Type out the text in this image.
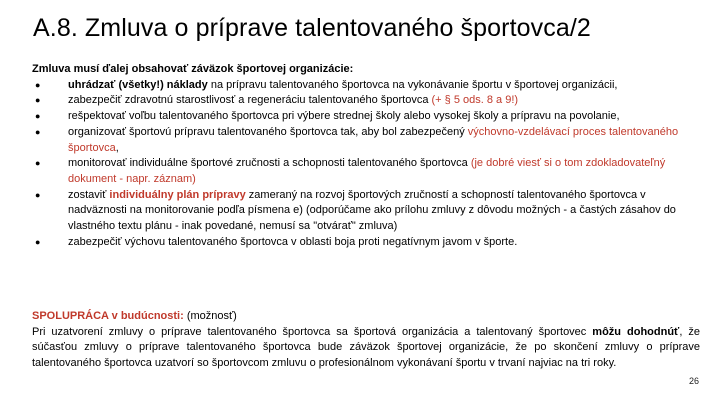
A.8. Zmluva o príprave talentovaného športovca/2
Zmluva musí ďalej obsahovať záväzok športovej organizácie:
●	uhrádzať (všetky!) náklady na prípravu talentovaného športovca na vykonávanie športu v športovej organizácii,
●	zabezpečiť zdravotnú starostlivosť a regeneráciu talentovaného športovca (+ § 5 ods. 8 a 9!)
●	rešpektovať voľbu talentovaného športovca pri výbere strednej školy alebo vysokej školy a prípravu na povolanie,
●	organizovať športovú prípravu talentovaného športovca tak, aby bol zabezpečený výchovno-vzdelávací proces talentovaného športovca,
●	monitorovať individuálne športové zručnosti a schopnosti talentovaného športovca (je dobré viesť si o tom zdokladovateľný dokument - napr. záznam)
●	zostaviť individuálny plán prípravy zameraný na rozvoj športových zručností a schopností talentovaného športovca v nadväznosti na monitorovanie podľa písmena e) (odporúčame ako prílohu zmluvy z dôvodu možných - a častých zásahov do vlastného textu plánu - inak povedané, nemusí sa "otvárať" zmluva)
●	zabezpečiť výchovu talentovaného športovca v oblasti boja proti negatívnym javom v športe.
SPOLUPRÁCA v budúcnosti: (možnosť)
Pri uzatvorení zmluvy o príprave talentovaného športovca sa športová organizácia a talentovaný športovec môžu dohodnúť, že súčasťou zmluvy o príprave talentovaného športovca bude záväzok športovej organizácie, že po skončení zmluvy o príprave talentovaného športovca uzatvorí so športovcom zmluvu o profesionálnom vykonávaní športu v trvaní najviac na tri roky.
26
